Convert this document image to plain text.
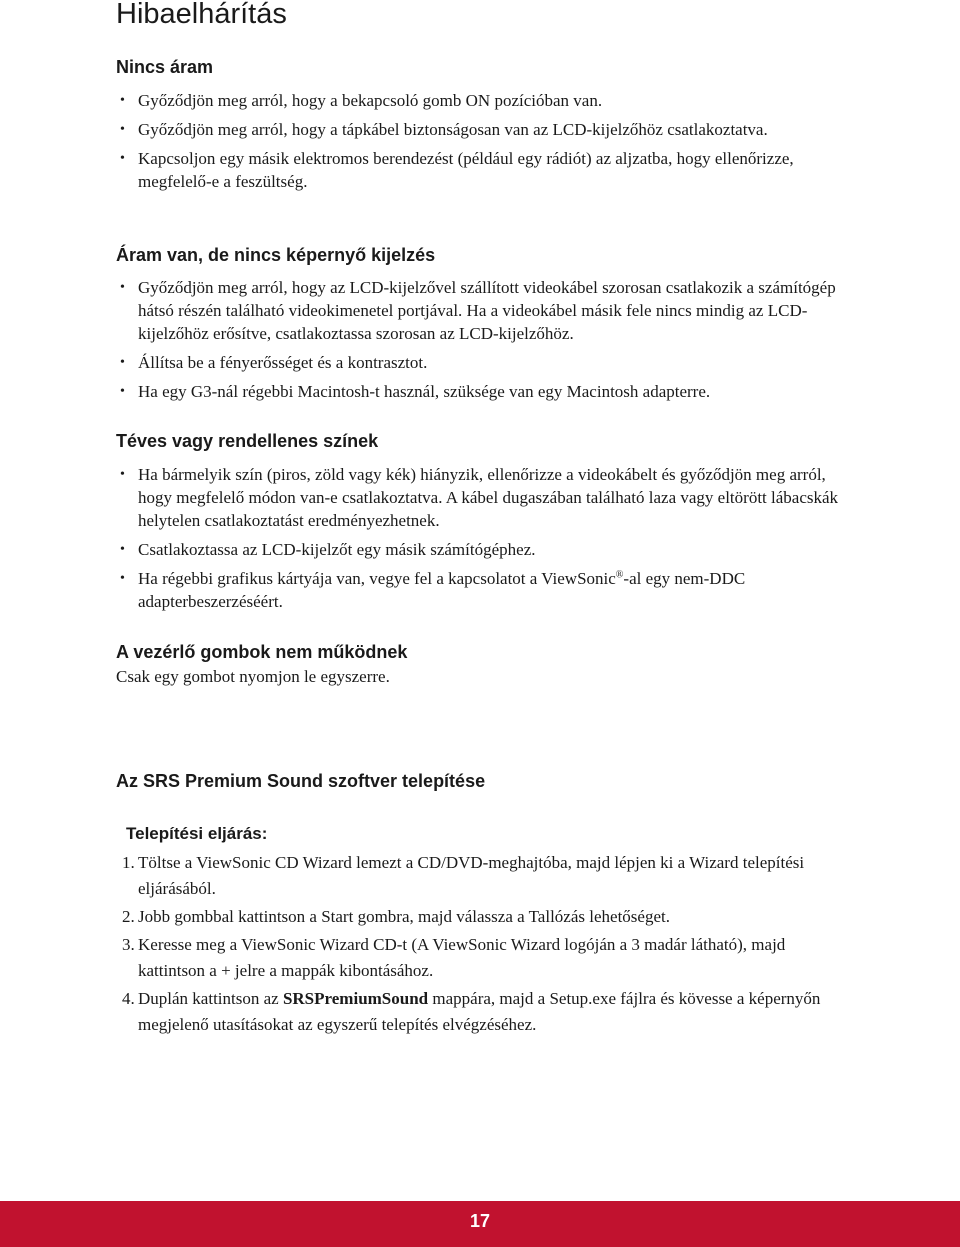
Hibaelhárítás
Nincs áram
• Győződjön meg arról, hogy a bekapcsoló gomb ON pozícióban van.
• Győződjön meg arról, hogy a tápkábel biztonságosan van az LCD-kijelzőhöz csatlakoztatva.
• Kapcsoljon egy másik elektromos berendezést (például egy rádiót) az aljzatba, hogy ellenőrizze, megfelelő-e a feszültség.
Áram van, de nincs képernyő kijelzés
• Győződjön meg arról, hogy az LCD-kijelzővel szállított videokábel szorosan csatlakozik a számítógép hátsó részén található videokimenetel portjával. Ha a videokábel másik fele nincs mindig az LCD-kijelzőhöz erősítve, csatlakoztassa szorosan az LCD-kijelzőhöz.
• Állítsa be a fényerősséget és a kontrasztot.
• Ha egy G3-nál régebbi Macintosh-t használ, szüksége van egy Macintosh adapterre.
Téves vagy rendellenes színek
• Ha bármelyik szín (piros, zöld vagy kék) hiányzik, ellenőrizze a videokábelt és győződjön meg arról, hogy megfelelő módon van-e csatlakoztatva. A kábel dugaszában található laza vagy eltörött lábacskák helytelen csatlakoztatást eredményezhetnek.
• Csatlakoztassa az LCD-kijelzőt egy másik számítógéphez.
• Ha régebbi grafikus kártyája van, vegye fel a kapcsolatot a ViewSonic®-al egy nem-DDC adapterbeszerzéséért.
A vezérlő gombok nem működnek

Csak egy gombot nyomjon le egyszerre.

Az SRS Premium Sound szoftver telepítése
Telepítési eljárás:
1. Töltse a ViewSonic CD Wizard lemezt a CD/DVD-meghajtóba, majd lépjen ki a Wizard telepítési eljárásából.
2. Jobb gombbal kattintson a Start gombra, majd válassza a Tallózás lehetőséget.
3. Keresse meg a ViewSonic Wizard CD-t (A ViewSonic Wizard logóján a 3 madár látható), majd kattintson a + jelre a mappák kibontásához.
4. Duplán kattintson az SRSPremiumSound mappára, majd a Setup.exe fájlra és kövesse a képernyőn megjelenő utasításokat az egyszerű telepítés elvégzéséhez.
17
